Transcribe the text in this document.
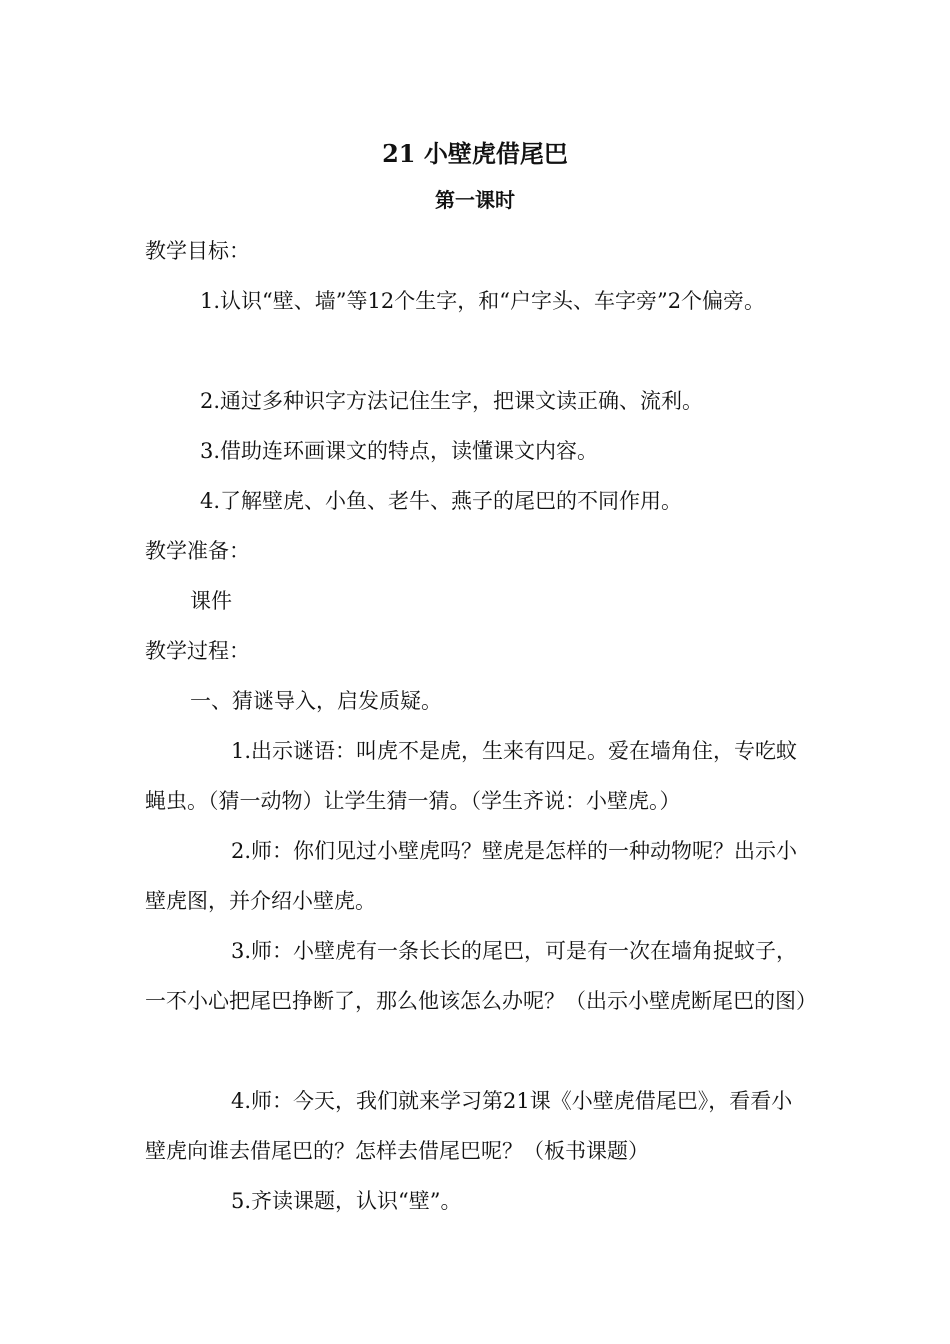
21 小壁虎借尾巴
第一课时
教学目标：
1.认识“壁、墙”等12个生字，和“户字头、车字旁”2个偏旁。
2.通过多种识字方法记住生字，把课文读正确、流利。
3.借助连环画课文的特点，读懂课文内容。
4.了解壁虎、小鱼、老牛、燕子的尾巴的不同作用。
教学准备：
课件
教学过程：
一、猜谜导入，启发质疑。
1.出示谜语：叫虎不是虎，生来有四足。爱在墙角住，专吃蚊蝇虫。（猜一动物）让学生猜一猜。（学生齐说：小壁虎。）
2.师：你们见过小壁虎吗？壁虎是怎样的一种动物呢？出示小壁虎图，并介绍小壁虎。
3.师：小壁虎有一条长长的尾巴，可是有一次在墙角捉蚊子，一不小心把尾巴挣断了，那么他该怎么办呢？（出示小壁虎断尾巴的图）
4.师：今天，我们就来学习第21课《小壁虎借尾巴》，看看小壁虎向谁去借尾巴的？怎样去借尾巴呢？（板书课题）
5.齐读课题，认识“壁”。
